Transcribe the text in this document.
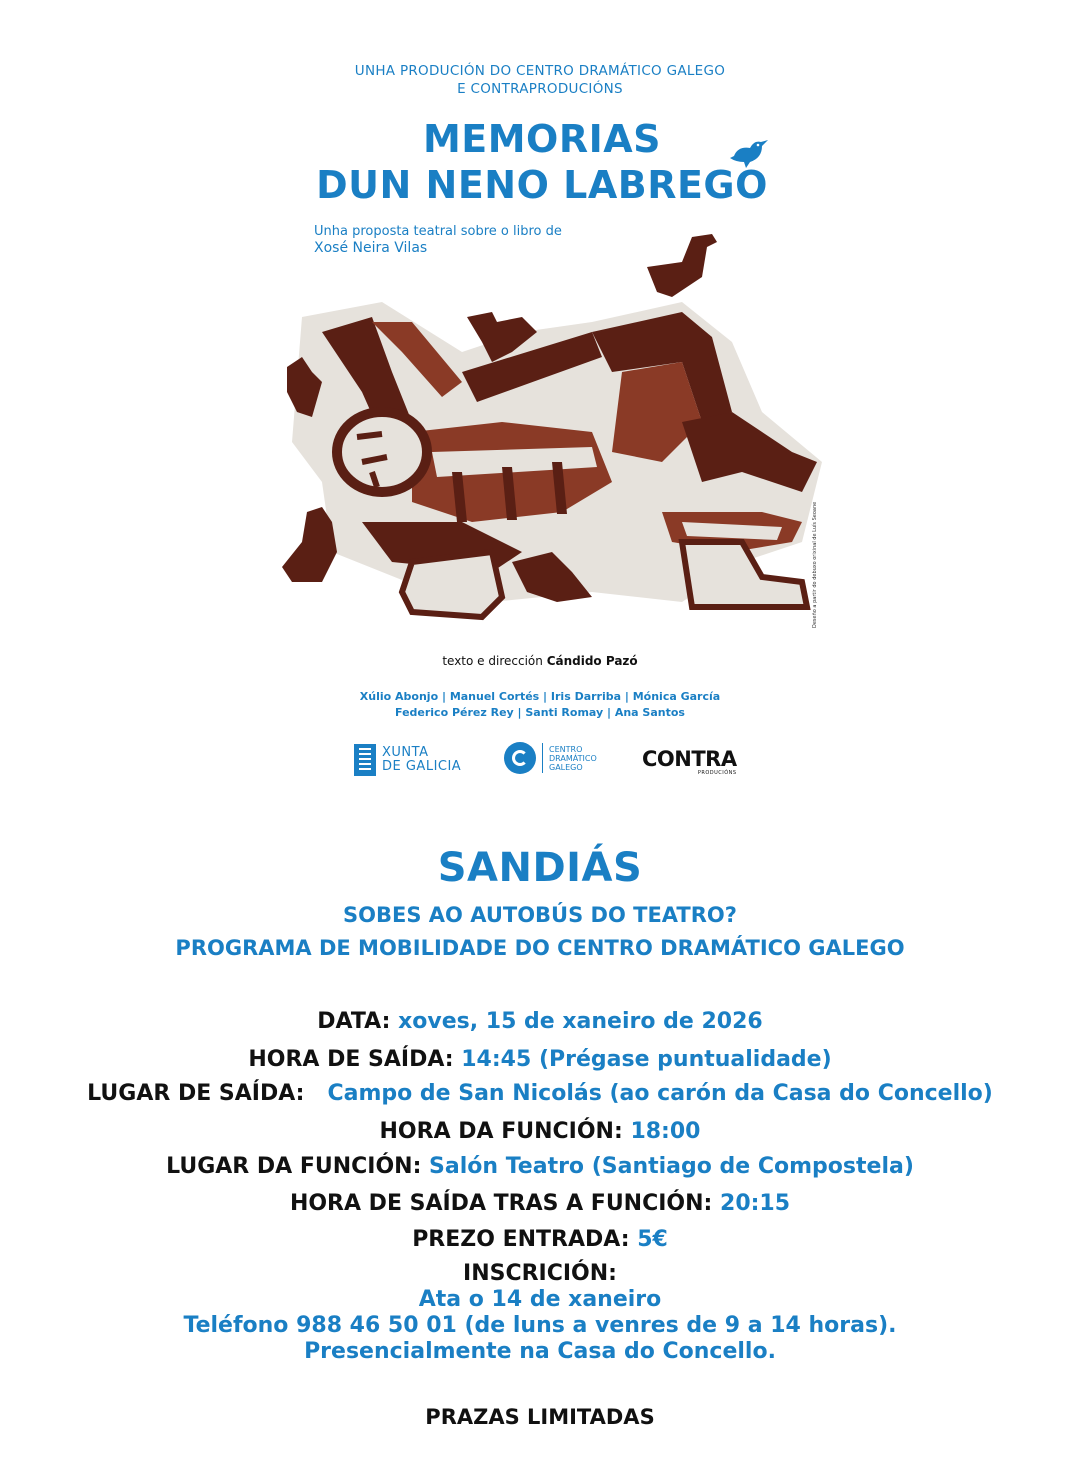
UNHA PRODUCIÓN DO CENTRO DRAMÁTICO GALEGO
E CONTRAPRODUCIÓNS
MEMORIAS
DUN NENO LABREGO
Unha proposta teatral sobre o libro de
Xosé Neira Vilas
Deseño a partir do debuxo orixinal de Luís Seoane
texto e dirección Cándido Pazó
Xúlio Abonjo | Manuel Cortés | Iris Darriba | Mónica García
Federico Pérez Rey | Santi Romay | Ana Santos
XUNTA
DE GALICIA
CENTRO
DRAMÁTICO
GALEGO	CONTRA
PRODUCIÓNS
SANDIÁS
SOBES AO AUTOBÚS DO TEATRO?
PROGRAMA DE MOBILIDADE DO CENTRO DRAMÁTICO GALEGO
DATA: xoves, 15 de xaneiro de 2026
HORA DE SAÍDA: 14:45 (Prégase puntualidade)
LUGAR DE SAÍDA: Campo de San Nicolás (ao carón da Casa do Concello)
HORA DA FUNCIÓN: 18:00
LUGAR DA FUNCIÓN: Salón Teatro (Santiago de Compostela)
HORA DE SAÍDA TRAS A FUNCIÓN: 20:15
PREZO ENTRADA: 5€
INSCRICIÓN:
Ata o 14 de xaneiro
Teléfono 988 46 50 01 (de luns a venres de 9 a 14 horas).
Presencialmente na Casa do Concello.
PRAZAS LIMITADAS
